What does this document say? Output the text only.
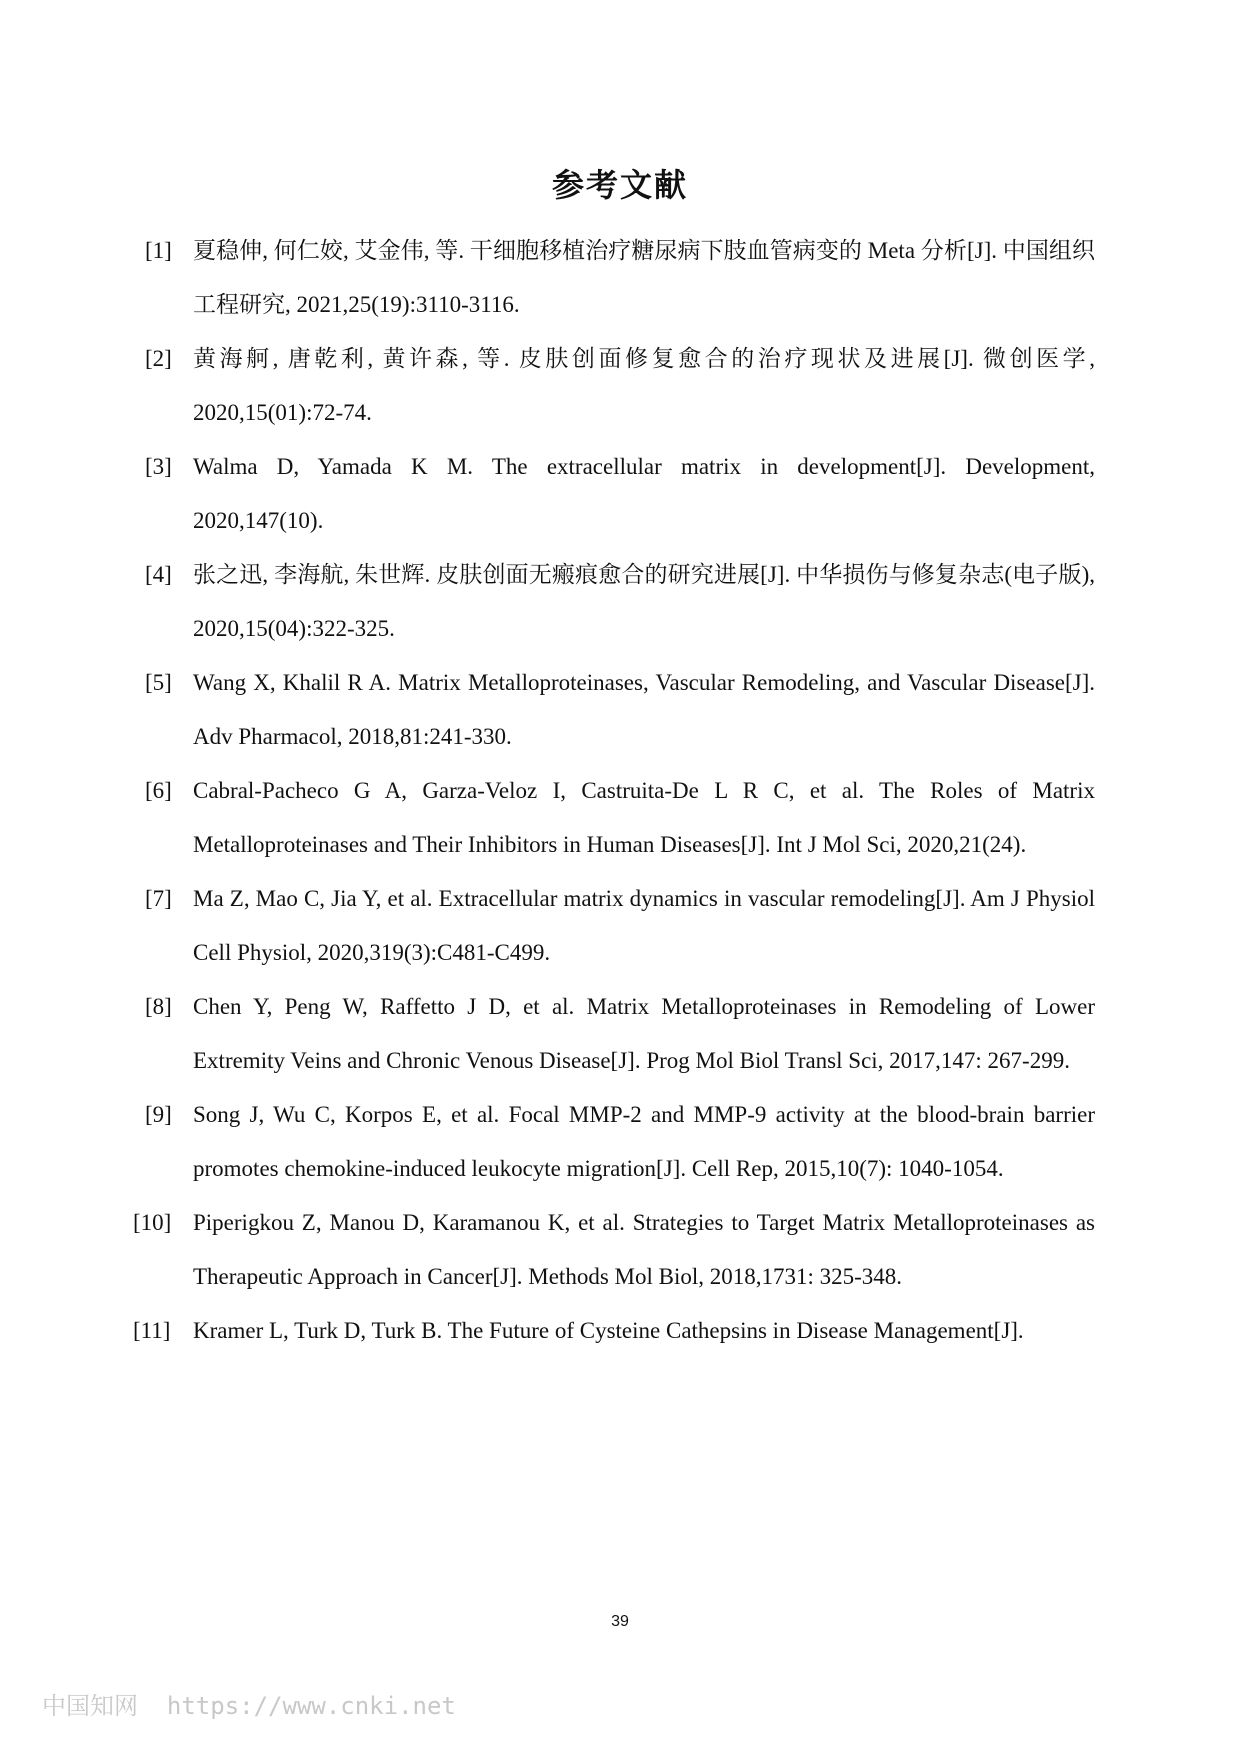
参考文献
[1] 夏稳伸, 何仁姣, 艾金伟, 等. 干细胞移植治疗糖尿病下肢血管病变的 Meta 分析[J]. 中国组织工程研究, 2021,25(19):3110-3116.
[2] 黄海舸, 唐乾利, 黄许森, 等. 皮肤创面修复愈合的治疗现状及进展[J]. 微创医学, 2020,15(01):72-74.
[3] Walma D, Yamada K M. The extracellular matrix in development[J]. Development, 2020,147(10).
[4] 张之迅, 李海航, 朱世辉. 皮肤创面无瘢痕愈合的研究进展[J]. 中华损伤与修复杂志(电子版), 2020,15(04):322-325.
[5] Wang X, Khalil R A. Matrix Metalloproteinases, Vascular Remodeling, and Vascular Disease[J]. Adv Pharmacol, 2018,81:241-330.
[6] Cabral-Pacheco G A, Garza-Veloz I, Castruita-De L R C, et al. The Roles of Matrix Metalloproteinases and Their Inhibitors in Human Diseases[J]. Int J Mol Sci, 2020,21(24).
[7] Ma Z, Mao C, Jia Y, et al. Extracellular matrix dynamics in vascular remodeling[J]. Am J Physiol Cell Physiol, 2020,319(3):C481-C499.
[8] Chen Y, Peng W, Raffetto J D, et al. Matrix Metalloproteinases in Remodeling of Lower Extremity Veins and Chronic Venous Disease[J]. Prog Mol Biol Transl Sci, 2017,147: 267-299.
[9] Song J, Wu C, Korpos E, et al. Focal MMP-2 and MMP-9 activity at the blood-brain barrier promotes chemokine-induced leukocyte migration[J]. Cell Rep, 2015,10(7): 1040-1054.
[10] Piperigkou Z, Manou D, Karamanou K, et al. Strategies to Target Matrix Metalloproteinases as Therapeutic Approach in Cancer[J]. Methods Mol Biol, 2018,1731: 325-348.
[11] Kramer L, Turk D, Turk B. The Future of Cysteine Cathepsins in Disease Management[J].
39
中国知网  https://www.cnki.net
